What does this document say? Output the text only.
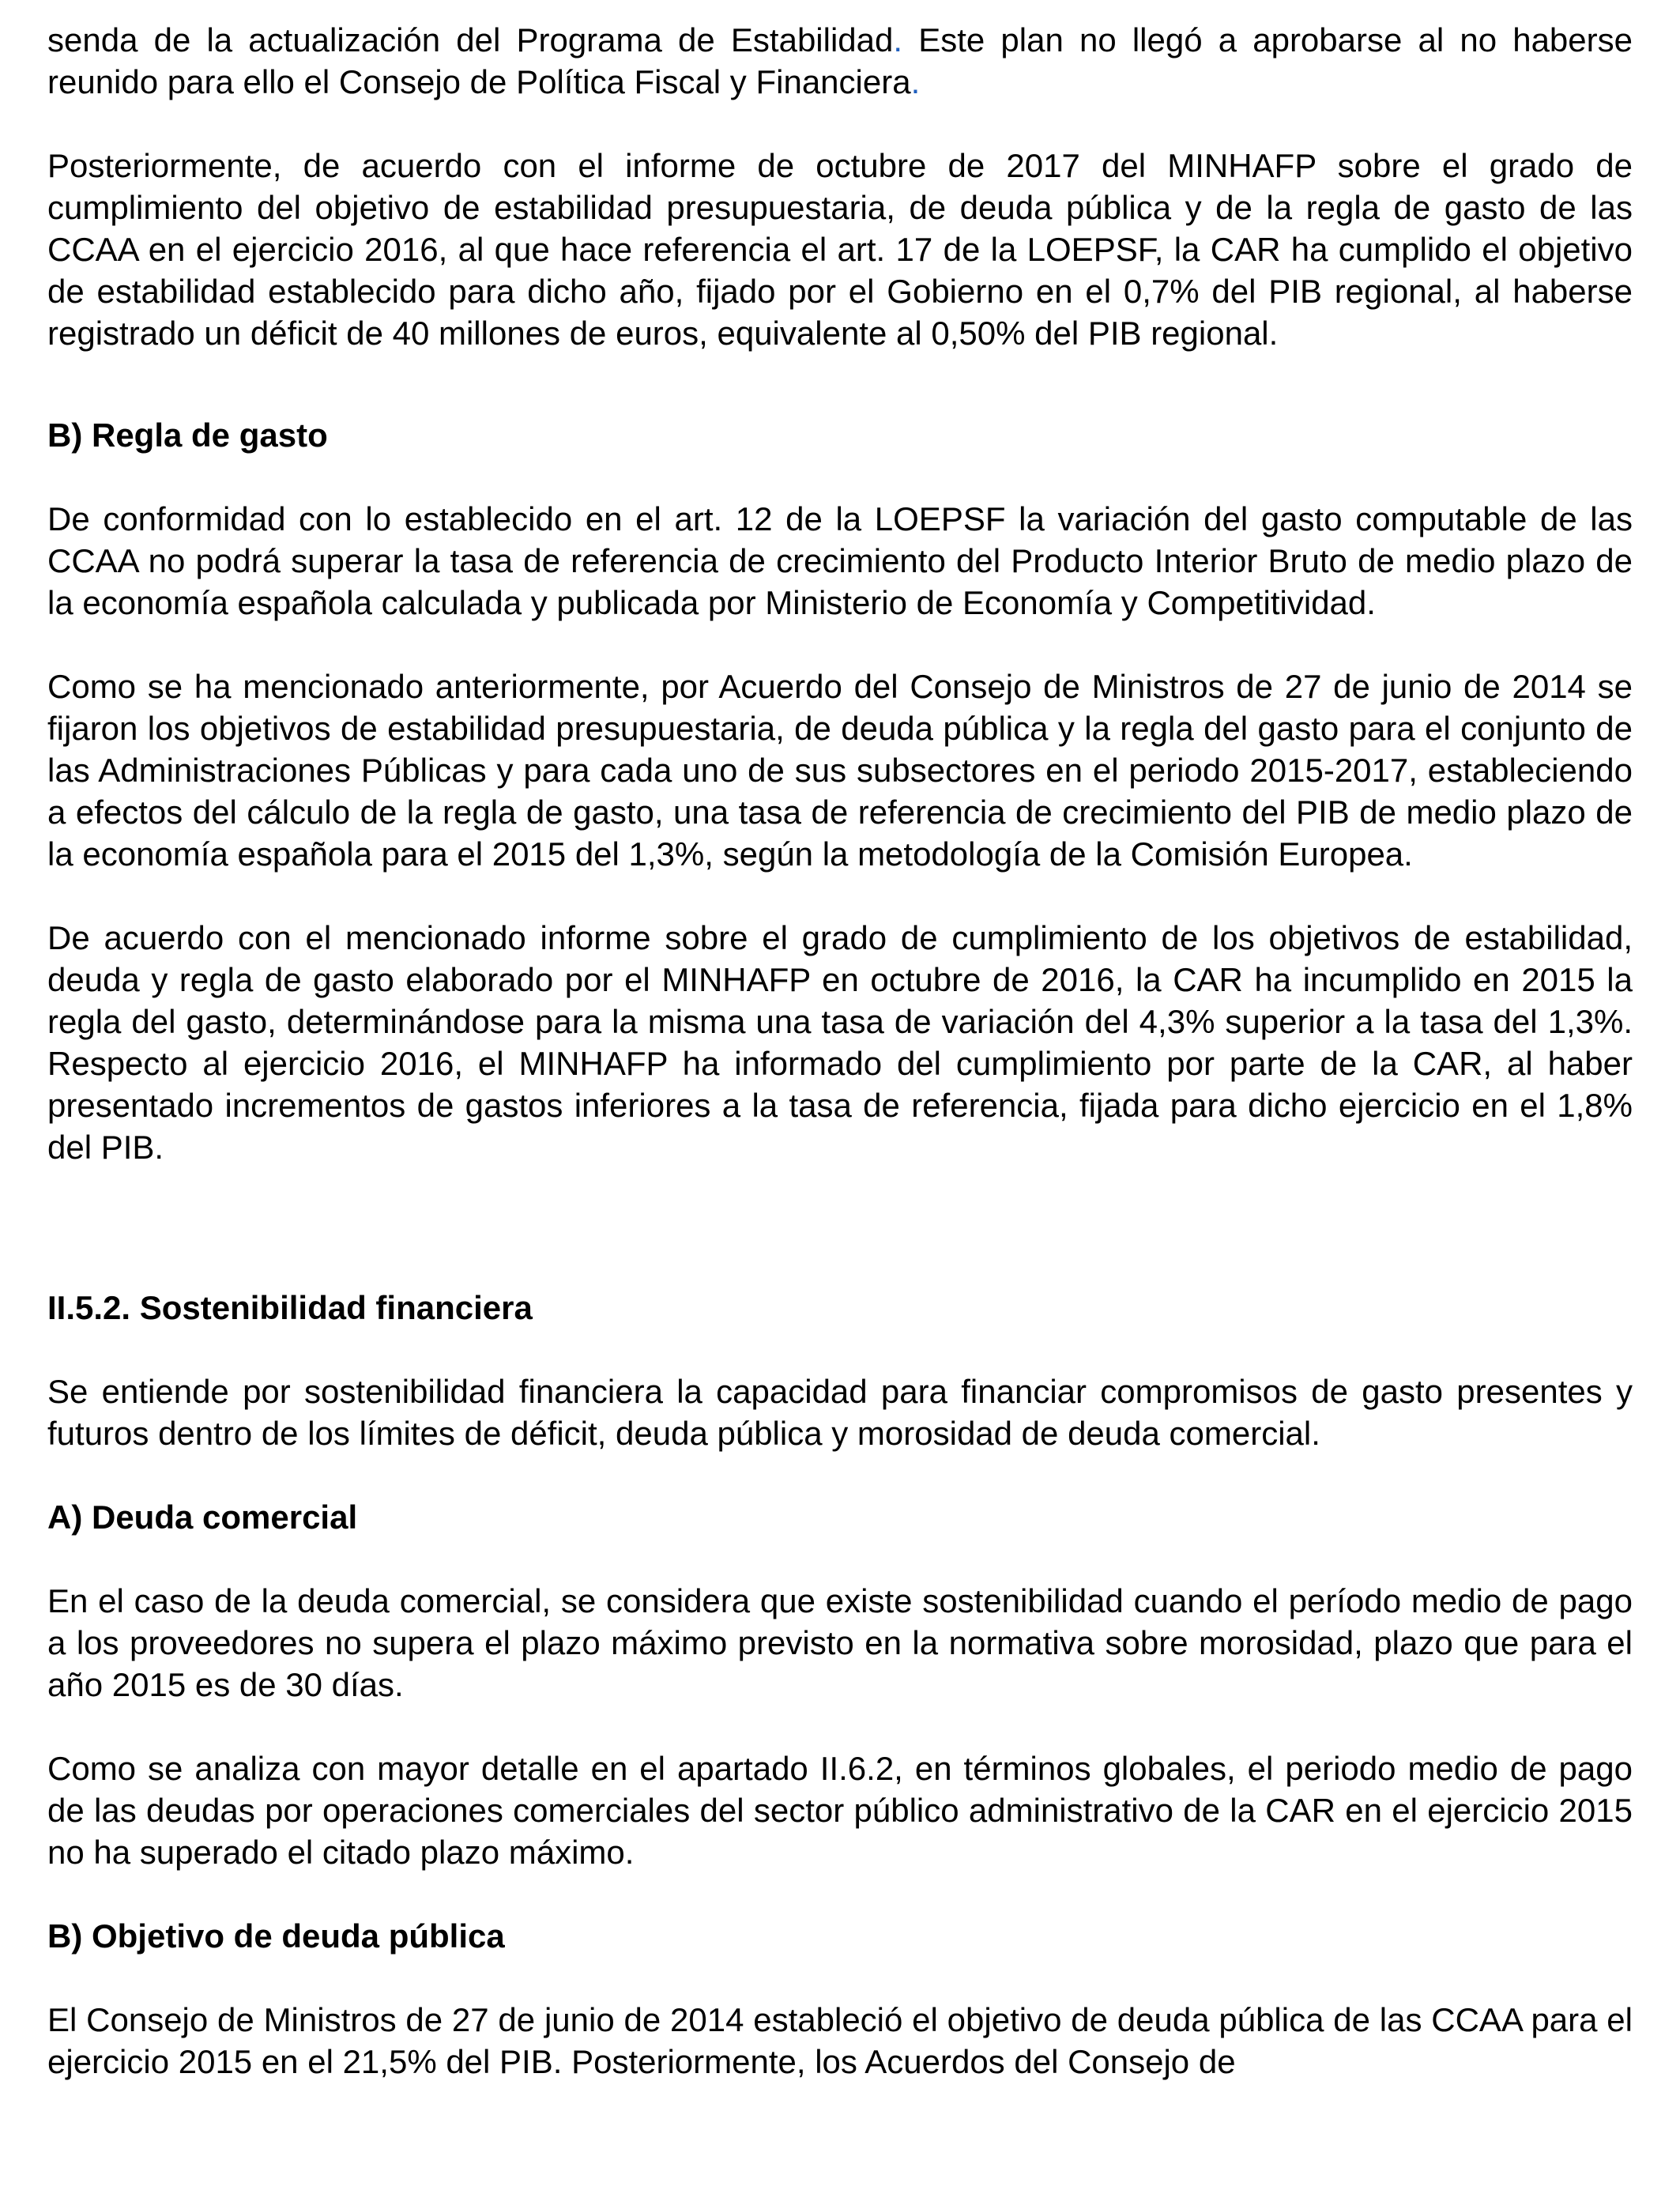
senda de la actualización del Programa de Estabilidad. Este plan no llegó a aprobarse al no haberse reunido para ello el Consejo de Política Fiscal y Financiera.

Posteriormente, de acuerdo con el informe de octubre de 2017 del MINHAFP sobre el grado de cumplimiento del objetivo de estabilidad presupuestaria, de deuda pública y de la regla de gasto de las CCAA en el ejercicio 2016, al que hace referencia el art. 17 de la LOEPSF, la CAR ha cumplido el objetivo de estabilidad establecido para dicho año, fijado por el Gobierno en el 0,7% del PIB regional, al haberse registrado un déficit de 40 millones de euros, equivalente al 0,50% del PIB regional.

B) Regla de gasto

De conformidad con lo establecido en el art. 12 de la LOEPSF la variación del gasto computable de las CCAA no podrá superar la tasa de referencia de crecimiento del Producto Interior Bruto de medio plazo de la economía española calculada y publicada por Ministerio de Economía y Competitividad.

Como se ha mencionado anteriormente, por Acuerdo del Consejo de Ministros de 27 de junio de 2014 se fijaron los objetivos de estabilidad presupuestaria, de deuda pública y la regla del gasto para el conjunto de las Administraciones Públicas y para cada uno de sus subsectores en el periodo 2015-2017, estableciendo a efectos del cálculo de la regla de gasto, una tasa de referencia de crecimiento del PIB de medio plazo de la economía española para el 2015 del 1,3%, según la metodología de la Comisión Europea.

De acuerdo con el mencionado informe sobre el grado de cumplimiento de los objetivos de estabilidad, deuda y regla de gasto elaborado por el MINHAFP en octubre de 2016, la CAR ha incumplido en 2015 la regla del gasto, determinándose para la misma una tasa de variación del 4,3% superior a la tasa del 1,3%. Respecto al ejercicio 2016, el MINHAFP ha informado del cumplimiento por parte de la CAR, al haber presentado incrementos de gastos inferiores a la tasa de referencia, fijada para dicho ejercicio en el 1,8% del PIB.

II.5.2. Sostenibilidad financiera

Se entiende por sostenibilidad financiera la capacidad para financiar compromisos de gasto presentes y futuros dentro de los límites de déficit, deuda pública y morosidad de deuda comercial.

A) Deuda comercial

En el caso de la deuda comercial, se considera que existe sostenibilidad cuando el período medio de pago a los proveedores no supera el plazo máximo previsto en la normativa sobre morosidad, plazo que para el año 2015 es de 30 días.

Como se analiza con mayor detalle en el apartado II.6.2, en términos globales, el periodo medio de pago de las deudas por operaciones comerciales del sector público administrativo de la CAR en el ejercicio 2015 no ha superado el citado plazo máximo.

B) Objetivo de deuda pública

El Consejo de Ministros de 27 de junio de 2014 estableció el objetivo de deuda pública de las CCAA para el ejercicio 2015 en el 21,5% del PIB. Posteriormente, los Acuerdos del Consejo de
